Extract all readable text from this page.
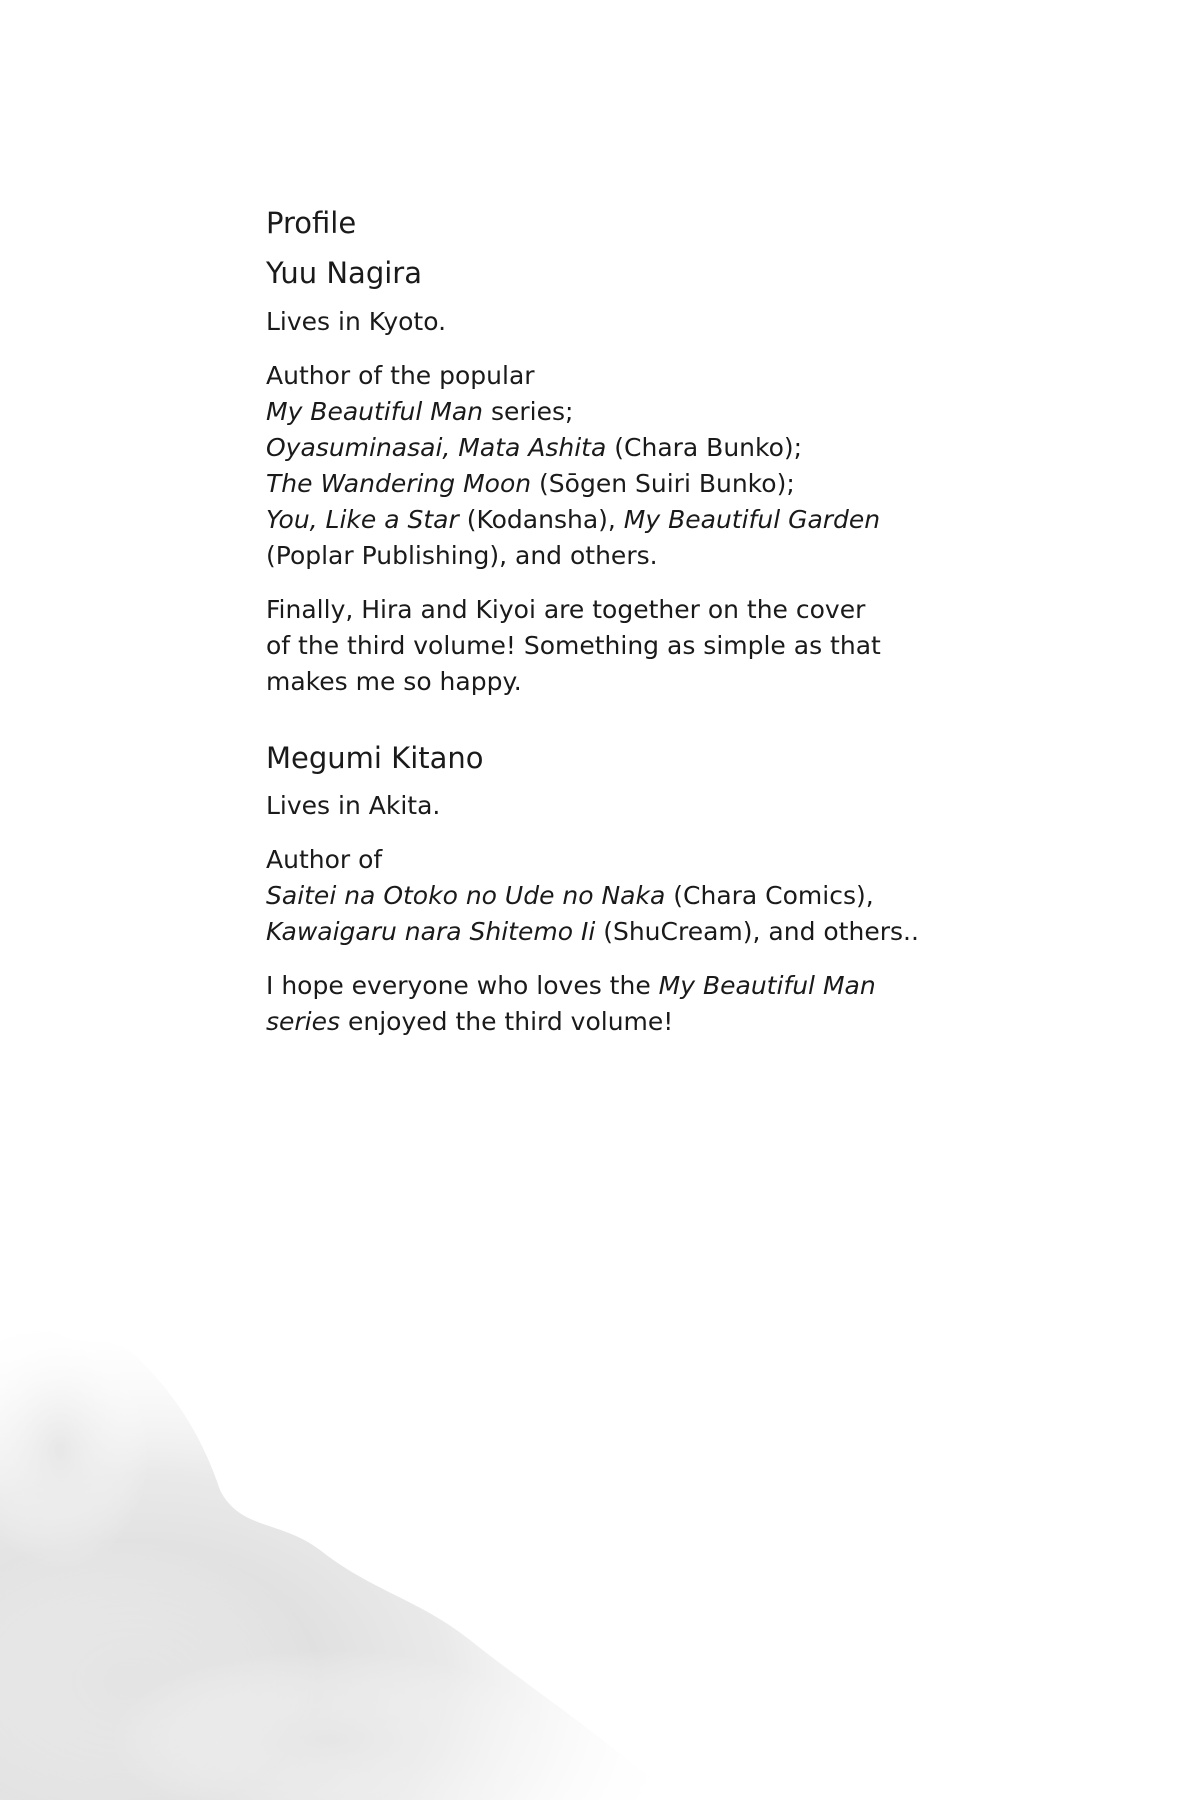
Profile
Yuu Nagira

Lives in Kyoto.

Author of the popular
My Beautiful Man series;
Oyasuminasai, Mata Ashita (Chara Bunko);
The Wandering Moon (Sōgen Suiri Bunko);
You, Like a Star (Kodansha), My Beautiful Garden
(Poplar Publishing), and others.

Finally, Hira and Kiyoi are together on the cover
of the third volume! Something as simple as that
makes me so happy.

Megumi Kitano

Lives in Akita.

Author of
Saitei na Otoko no Ude no Naka (Chara Comics),
Kawaigaru nara Shitemo Ii (ShuCream), and others..

I hope everyone who loves the My Beautiful Man
series enjoyed the third volume!
